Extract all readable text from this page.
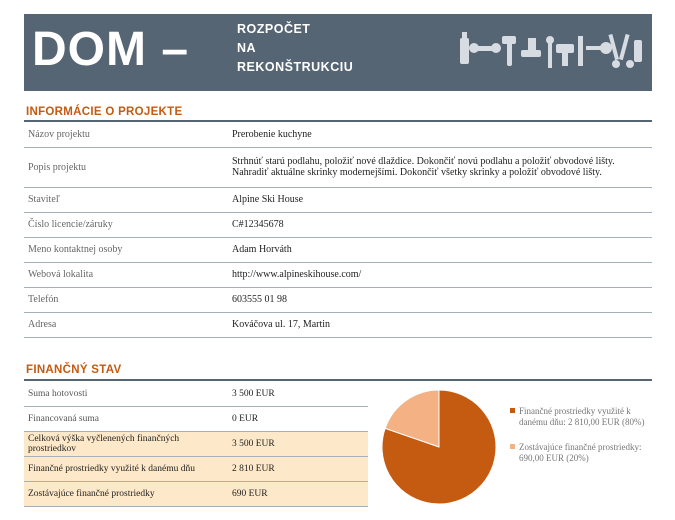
DOM –	ROZPOČET
NA
REKONŠTRUKCIU
INFORMÁCIE O PROJEKTE
Názov projektu	Prerobenie kuchyne
Popis projektu	Strhnúť starú podlahu, položiť nové dlaždice. Dokončiť novú podlahu a položiť obvodové lišty. Nahradiť aktuálne skrinky modernejšími. Dokončiť všetky skrinky a položiť obvodové lišty.
Staviteľ	Alpine Ski House
Číslo licencie/záruky	C#12345678
Meno kontaktnej osoby	Adam Horváth
Webová lokalita	http://www.alpineskihouse.com/
Telefón	603555 01 98
Adresa	Kováčova ul. 17, Martin
FINANČNÝ STAV
Suma hotovosti	3 500 EUR
Financovaná suma	0 EUR
Celková výška vyčlenených finančných prostriedkov	3 500 EUR
Finančné prostriedky využité k danému dňu	2 810 EUR
Zostávajúce finančné prostriedky	690 EUR
Finančné prostriedky využité k danému dňu: 2 810,00 EUR (80%)
Zostávajúce finančné prostriedky: 690,00 EUR (20%)
